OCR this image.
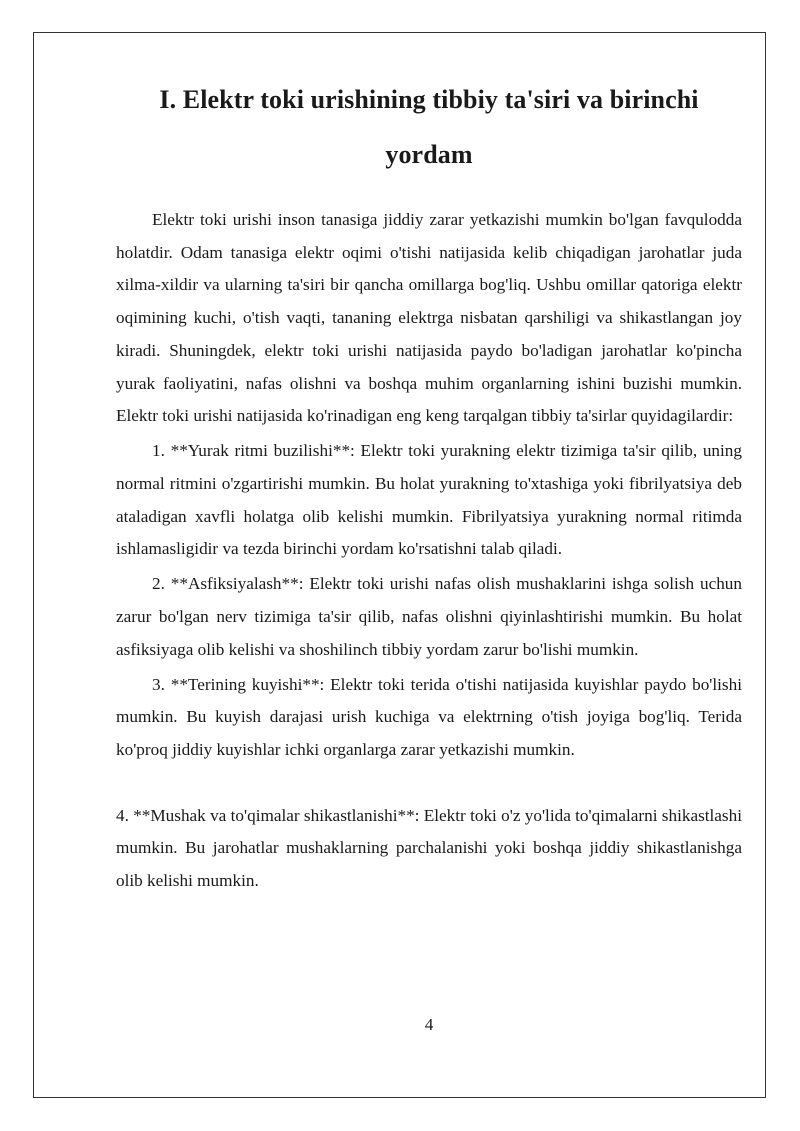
I. Elektr toki urishining tibbiy ta'siri va birinchi yordam

Elektr toki urishi inson tanasiga jiddiy zarar yetkazishi mumkin bo'lgan favqulodda holatdir. Odam tanasiga elektr oqimi o'tishi natijasida kelib chiqadigan jarohatlar juda xilma-xildir va ularning ta'siri bir qancha omillarga bog'liq. Ushbu omillar qatoriga elektr oqimining kuchi, o'tish vaqti, tananing elektrga nisbatan qarshiligi va shikastlangan joy kiradi. Shuningdek, elektr toki urishi natijasida paydo bo'ladigan jarohatlar ko'pincha yurak faoliyatini, nafas olishni va boshqa muhim organlarning ishini buzishi mumkin. Elektr toki urishi natijasida ko'rinadigan eng keng tarqalgan tibbiy ta'sirlar quyidagilardir:

1. **Yurak ritmi buzilishi**: Elektr toki yurakning elektr tizimiga ta'sir qilib, uning normal ritmini o'zgartirishi mumkin. Bu holat yurakning to'xtashiga yoki fibrilyatsiya deb ataladigan xavfli holatga olib kelishi mumkin. Fibrilyatsiya yurakning normal ritimda ishlamasligidir va tezda birinchi yordam ko'rsatishni talab qiladi.

2. **Asfiksiyalash**: Elektr toki urishi nafas olish mushaklarini ishga solish uchun zarur bo'lgan nerv tizimiga ta'sir qilib, nafas olishni qiyinlashtirishi mumkin. Bu holat asfiksiyaga olib kelishi va shoshilinch tibbiy yordam zarur bo'lishi mumkin.

3. **Terining kuyishi**: Elektr toki terida o'tishi natijasida kuyishlar paydo bo'lishi mumkin. Bu kuyish darajasi urish kuchiga va elektrning o'tish joyiga bog'liq. Terida ko'proq jiddiy kuyishlar ichki organlarga zarar yetkazishi mumkin.

4. **Mushak va to'qimalar shikastlanishi**: Elektr toki o'z yo'lida to'qimalarni shikastlashi mumkin. Bu jarohatlar mushaklarning parchalanishi yoki boshqa jiddiy shikastlanishga olib kelishi mumkin.

4
